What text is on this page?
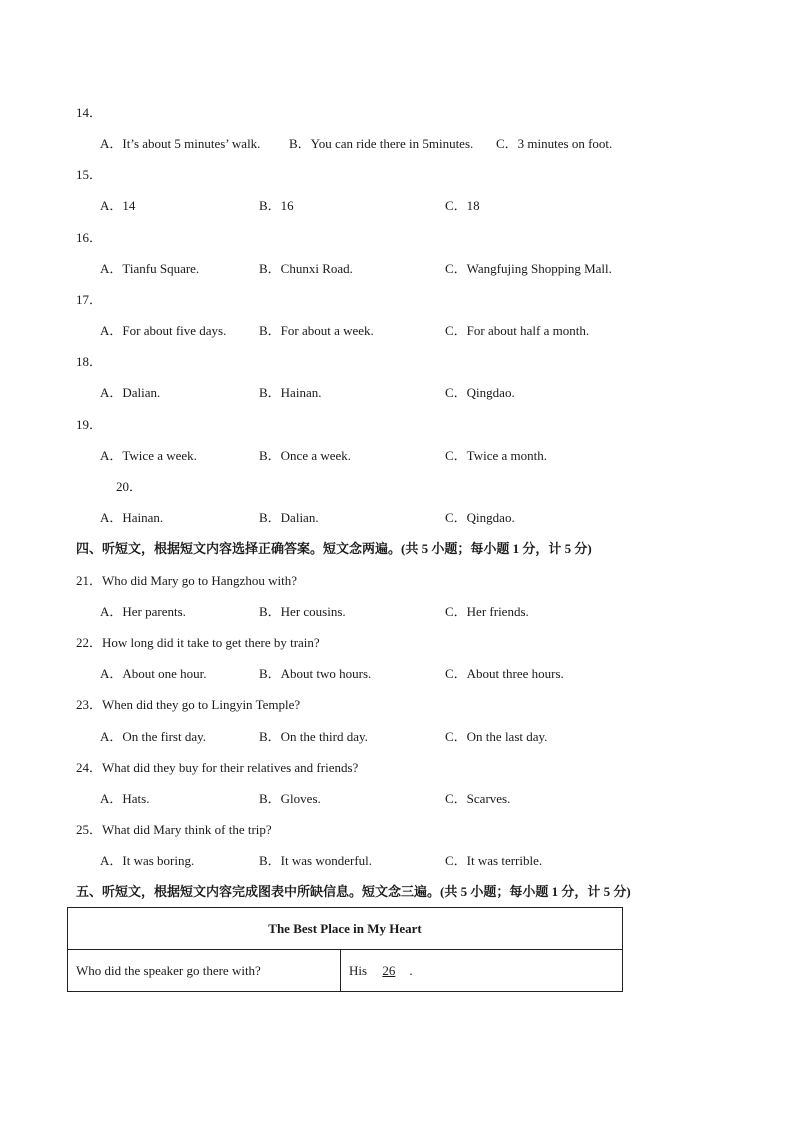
14．
A．It’s about 5 minutes’ walk. B．You can ride there in 5minutes. C．3 minutes on foot.
15．
A．14	B．16	C．18
16．
A．Tianfu Square.	B．Chunxi Road.	C．Wangfujing Shopping Mall.
17．
A．For about five days.	B．For about a week.	C．For about half a month.
18．
A．Dalian.	B．Hainan.	C．Qingdao.
19．
A．Twice a week.	B．Once a week.	C．Twice a month.
20．
A．Hainan.	B．Dalian.	C．Qingdao.
四、听短文，根据短文内容选择正确答案。短文念两遍。(共 5 小题；每小题 1 分，计 5 分)
21．Who did Mary go to Hangzhou with?
A．Her parents.	B．Her cousins.	C．Her friends.
22．How long did it take to get there by train?
A．About one hour.	B．About two hours.	C．About three hours.
23．When did they go to Lingyin Temple?
A．On the first day.	B．On the third day.	C．On the last day.
24．What did they buy for their relatives and friends?
A．Hats.	B．Gloves.	C．Scarves.
25．What did Mary think of the trip?
A．It was boring.	B．It was wonderful.	C．It was terrible.
五、听短文，根据短文内容完成图表中所缺信息。短文念三遍。(共 5 小题；每小题 1 分，计 5 分)
The Best Place in My Heart
Who did the speaker go there with?	His 26 .
